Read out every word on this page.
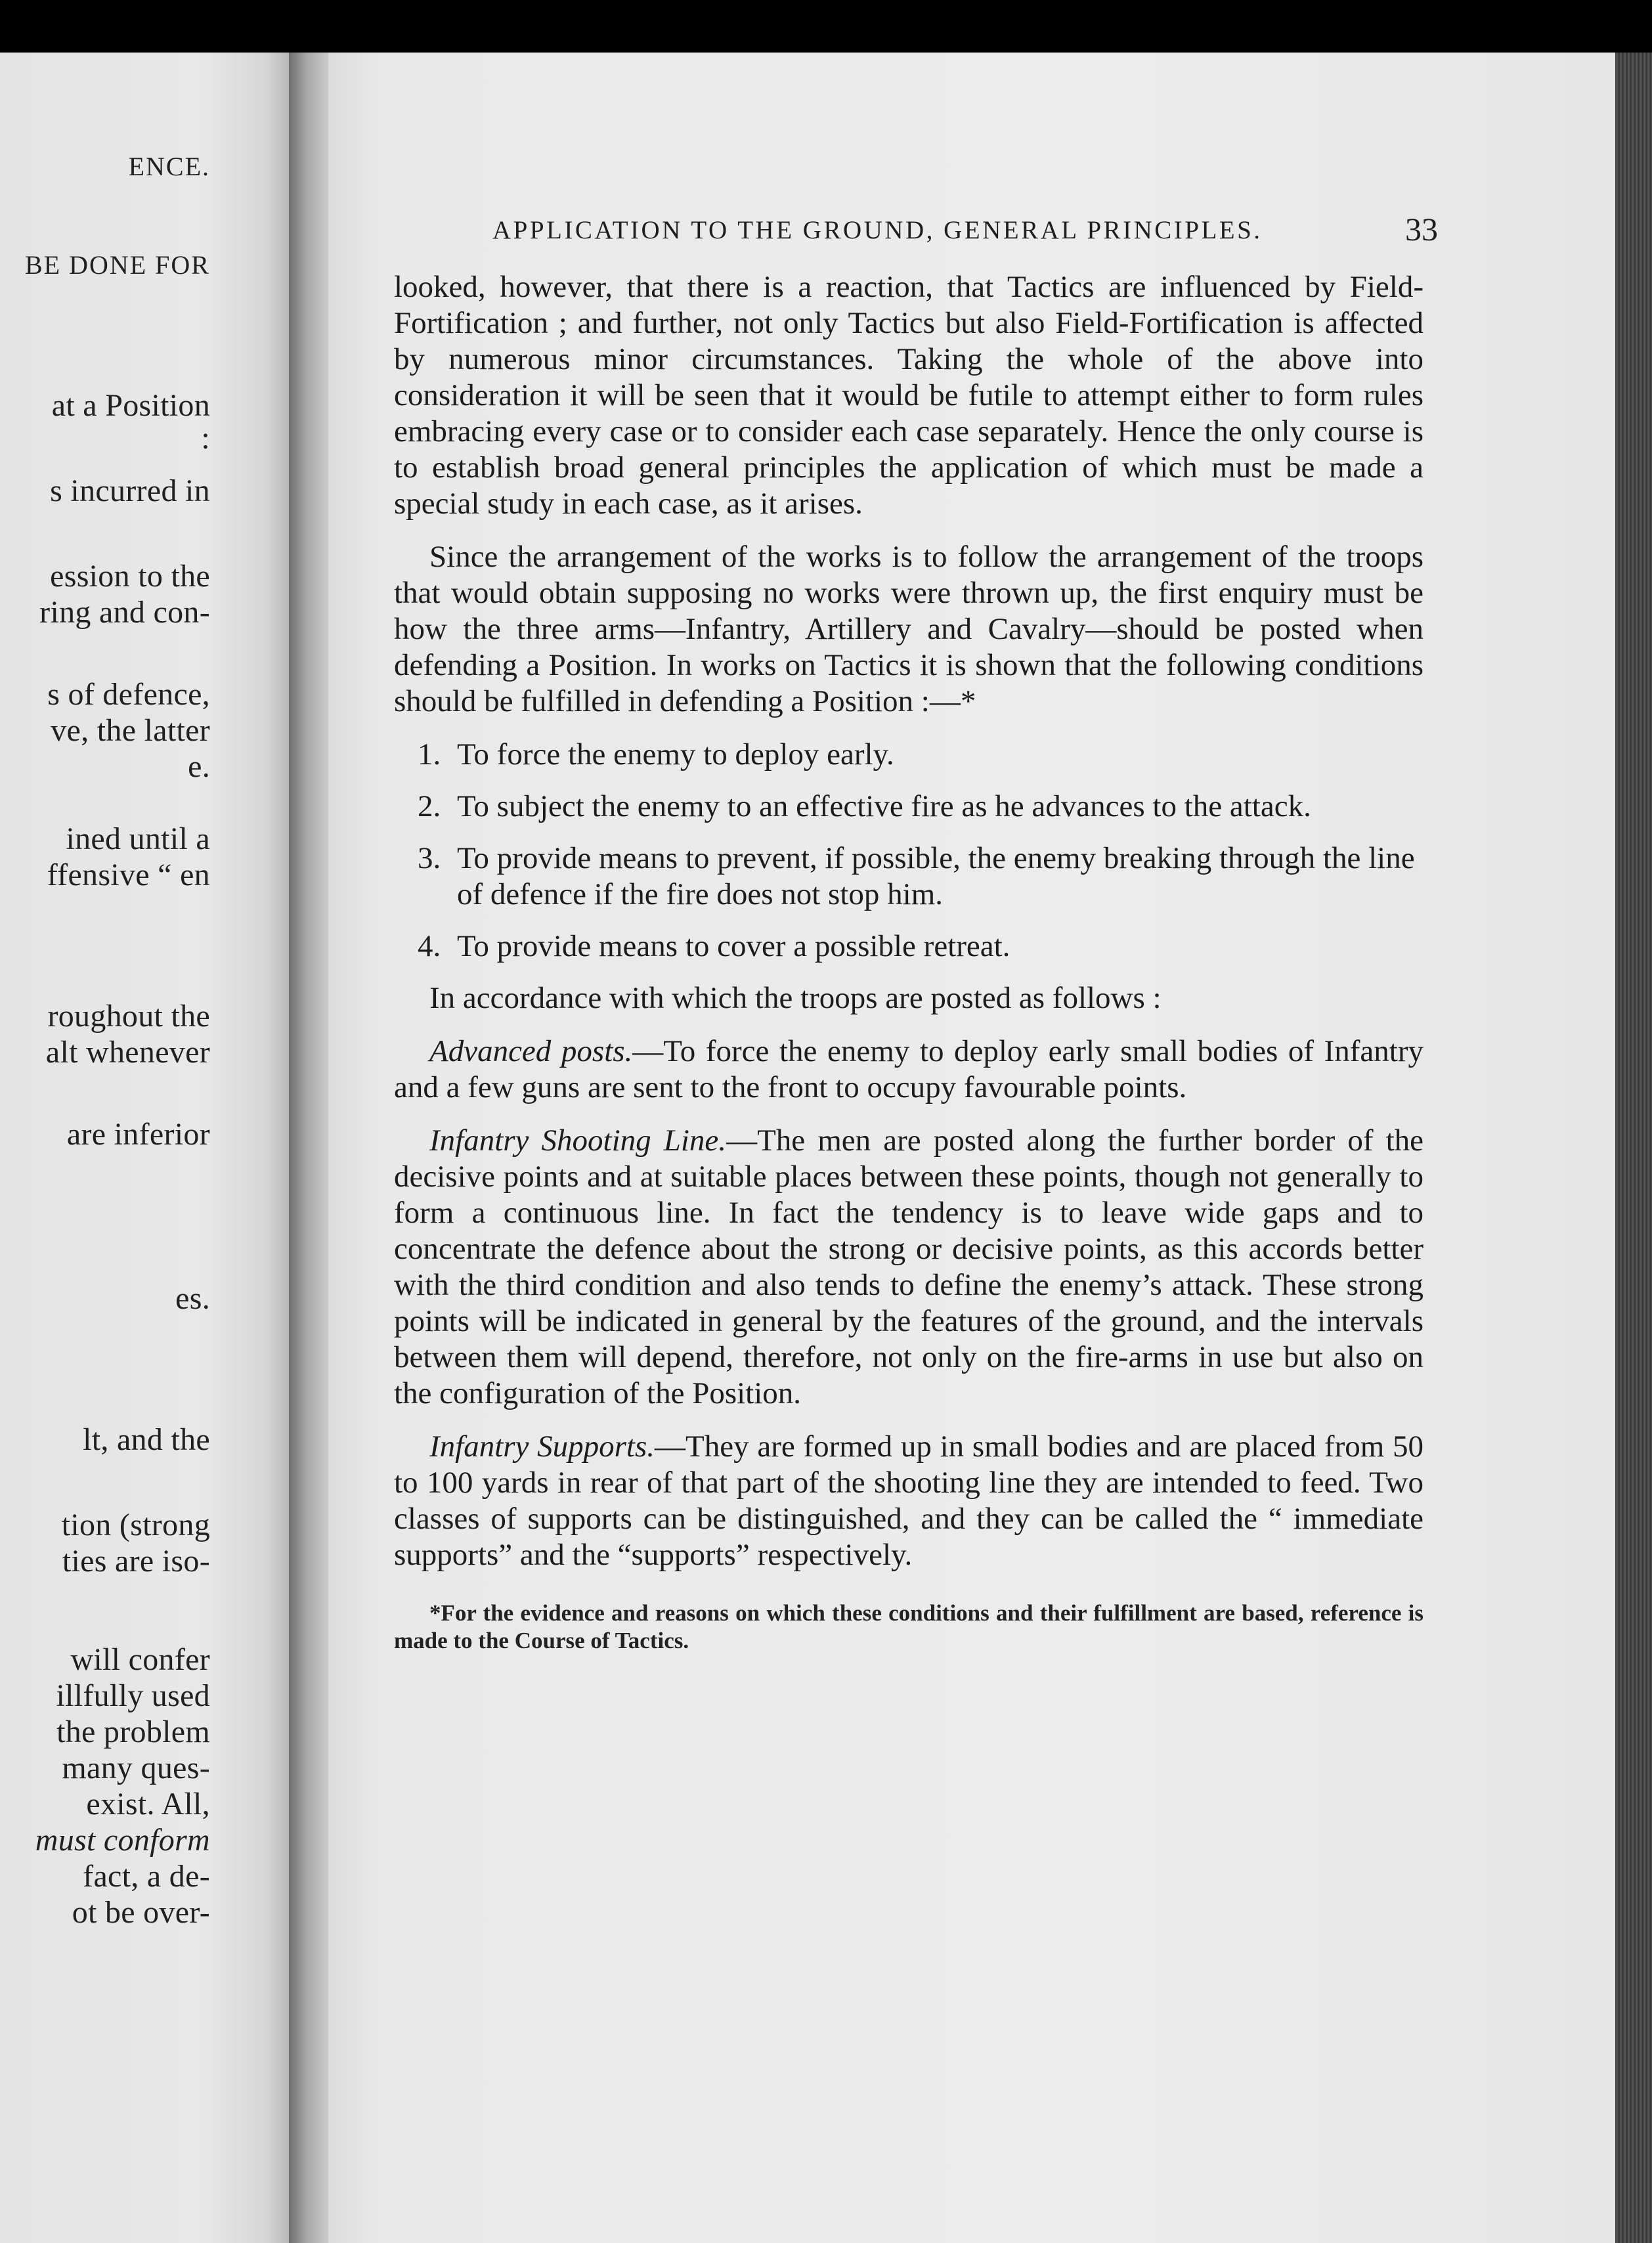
ENCE.
BE DONE FOR
at a Position
:
s incurred in
ession to the
ring and con-
s of defence,
ve, the latter
e.
ined until a
ffensive “ en
roughout the
alt whenever
are inferior
es.
lt, and the
tion (strong
ties are iso-
will confer
illfully used
the problem
many ques-
exist. All,
must conform
fact, a de-
ot be over-
APPLICATION TO THE GROUND, GENERAL PRINCIPLES.	33

looked, however, that there is a reaction, that Tactics are influenced by Field-Fortification ; and further, not only Tactics but also Field-Fortification is affected by numerous minor circumstances. Taking the whole of the above into consideration it will be seen that it would be futile to attempt either to form rules embracing every case or to consider each case separately. Hence the only course is to establish broad general principles the application of which must be made a special study in each case, as it arises.

Since the arrangement of the works is to follow the arrangement of the troops that would obtain supposing no works were thrown up, the first enquiry must be how the three arms—Infantry, Artillery and Cavalry—should be posted when defending a Position. In works on Tactics it is shown that the following conditions should be fulfilled in defending a Position :—*

1. To force the enemy to deploy early.
2. To subject the enemy to an effective fire as he advances to the attack.
3. To provide means to prevent, if possible, the enemy breaking through the line of defence if the fire does not stop him.
4. To provide means to cover a possible retreat.

In accordance with which the troops are posted as follows :

Advanced posts.—To force the enemy to deploy early small bodies of Infantry and a few guns are sent to the front to occupy favourable points.

Infantry Shooting Line.—The men are posted along the further border of the decisive points and at suitable places between these points, though not generally to form a continuous line. In fact the tendency is to leave wide gaps and to concentrate the defence about the strong or decisive points, as this accords better with the third condition and also tends to define the enemy’s attack. These strong points will be indicated in general by the features of the ground, and the intervals between them will depend, therefore, not only on the fire-arms in use but also on the configuration of the Position.

Infantry Supports.—They are formed up in small bodies and are placed from 50 to 100 yards in rear of that part of the shooting line they are intended to feed. Two classes of supports can be distinguished, and they can be called the “ immediate supports” and the “supports” respectively.

*For the evidence and reasons on which these conditions and their fulfillment are based, reference is made to the Course of Tactics.
